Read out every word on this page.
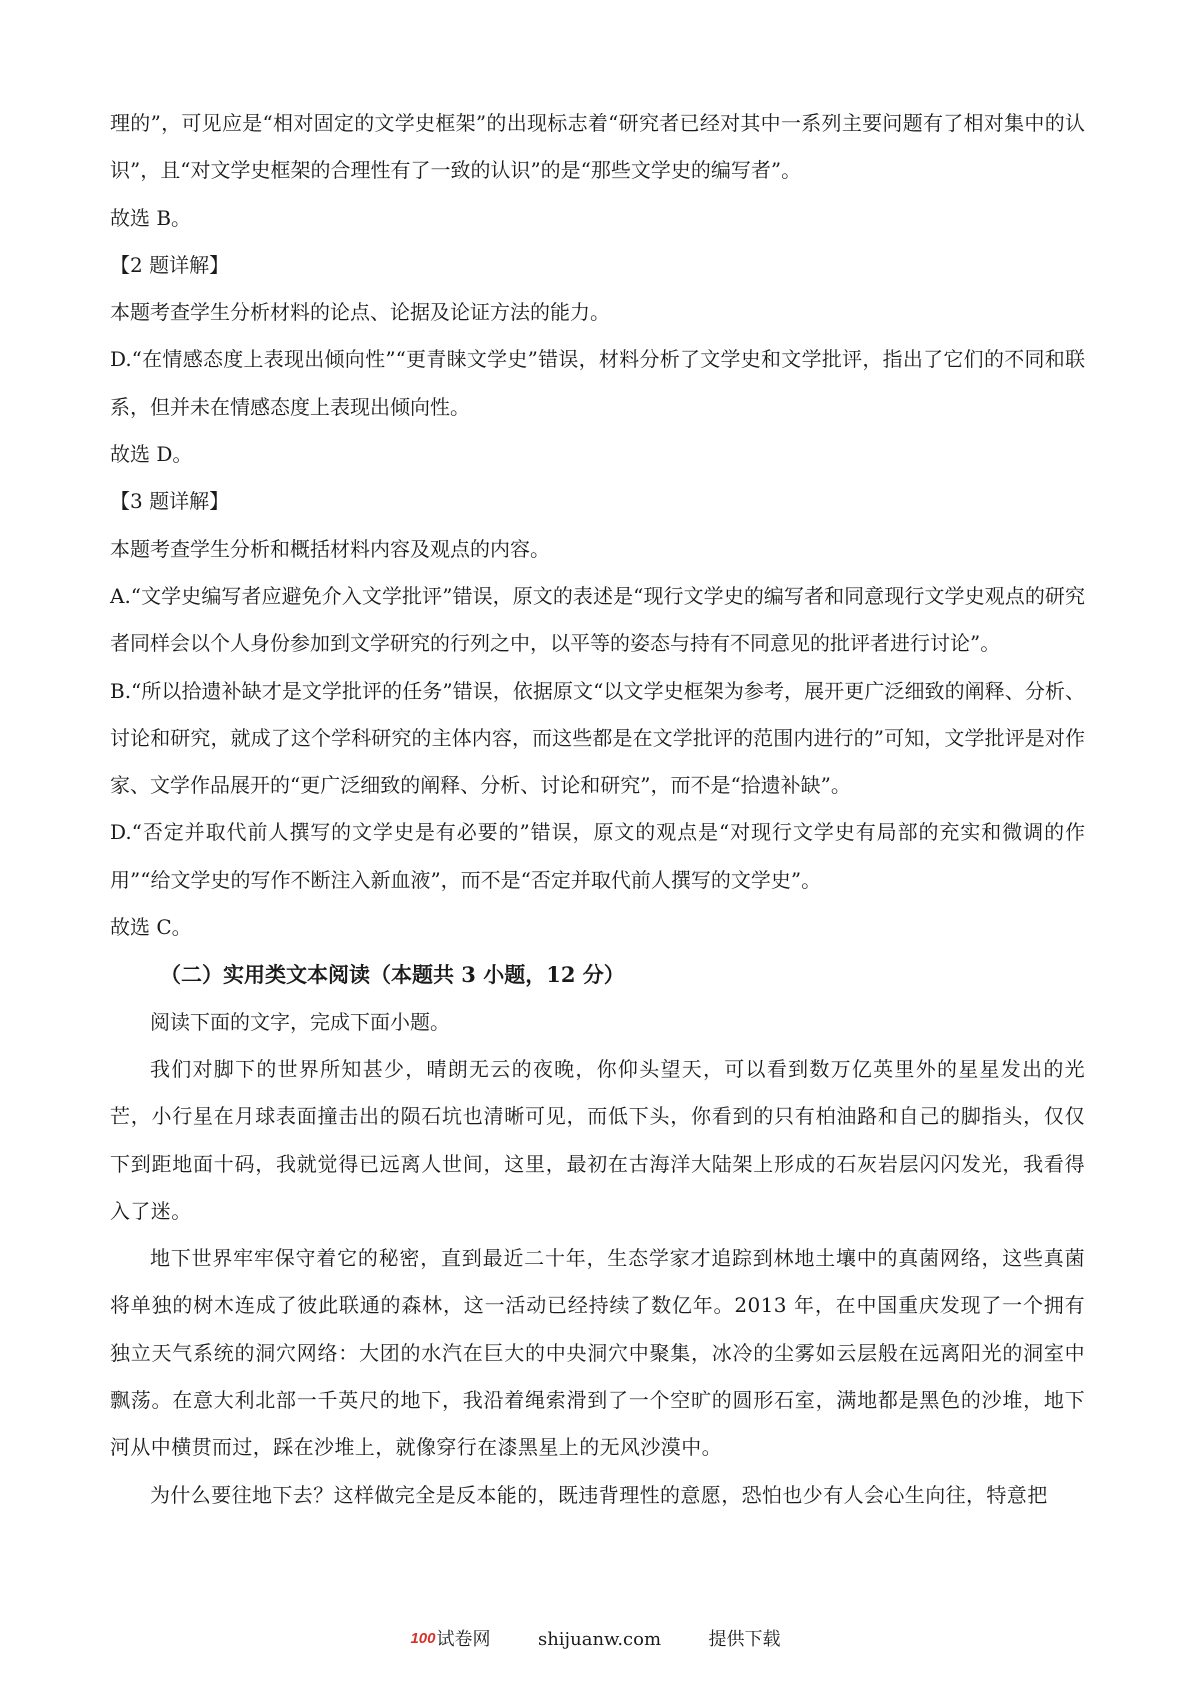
理的”，可见应是“相对固定的文学史框架”的出现标志着“研究者已经对其中一系列主要问题有了相对集中的认识”，且“对文学史框架的合理性有了一致的认识”的是“那些文学史的编写者”。

故选 B。

【2 题详解】

本题考查学生分析材料的论点、论据及论证方法的能力。

D.“在情感态度上表现出倾向性”“更青睐文学史”错误，材料分析了文学史和文学批评，指出了它们的不同和联系，但并未在情感态度上表现出倾向性。

故选 D。

【3 题详解】

本题考查学生分析和概括材料内容及观点的内容。

A.“文学史编写者应避免介入文学批评”错误，原文的表述是“现行文学史的编写者和同意现行文学史观点的研究者同样会以个人身份参加到文学研究的行列之中，以平等的姿态与持有不同意见的批评者进行讨论”。

B.“所以拾遗补缺才是文学批评的任务”错误，依据原文“以文学史框架为参考，展开更广泛细致的阐释、分析、讨论和研究，就成了这个学科研究的主体内容，而这些都是在文学批评的范围内进行的”可知，文学批评是对作家、文学作品展开的“更广泛细致的阐释、分析、讨论和研究”，而不是“拾遗补缺”。

D.“否定并取代前人撰写的文学史是有必要的”错误，原文的观点是“对现行文学史有局部的充实和微调的作用”“给文学史的写作不断注入新血液”，而不是“否定并取代前人撰写的文学史”。

故选 C。

（二）实用类文本阅读（本题共 3 小题，12 分）

阅读下面的文字，完成下面小题。

我们对脚下的世界所知甚少，晴朗无云的夜晚，你仰头望天，可以看到数万亿英里外的星星发出的光芒，小行星在月球表面撞击出的陨石坑也清晰可见，而低下头，你看到的只有柏油路和自己的脚指头，仅仅下到距地面十码，我就觉得已远离人世间，这里，最初在古海洋大陆架上形成的石灰岩层闪闪发光，我看得入了迷。

地下世界牢牢保守着它的秘密，直到最近二十年，生态学家才追踪到林地土壤中的真菌网络，这些真菌将单独的树木连成了彼此联通的森林，这一活动已经持续了数亿年。2013 年，在中国重庆发现了一个拥有独立天气系统的洞穴网络：大团的水汽在巨大的中央洞穴中聚集，冰冷的尘雾如云层般在远离阳光的洞室中飘荡。在意大利北部一千英尺的地下，我沿着绳索滑到了一个空旷的圆形石室，满地都是黑色的沙堆，地下河从中横贯而过，踩在沙堆上，就像穿行在漆黑星上的无风沙漠中。

为什么要往地下去？这样做完全是反本能的，既违背理性的意愿，恐怕也少有人会心生向往，特意把

100试卷网	shijuanw.com	提供下载
